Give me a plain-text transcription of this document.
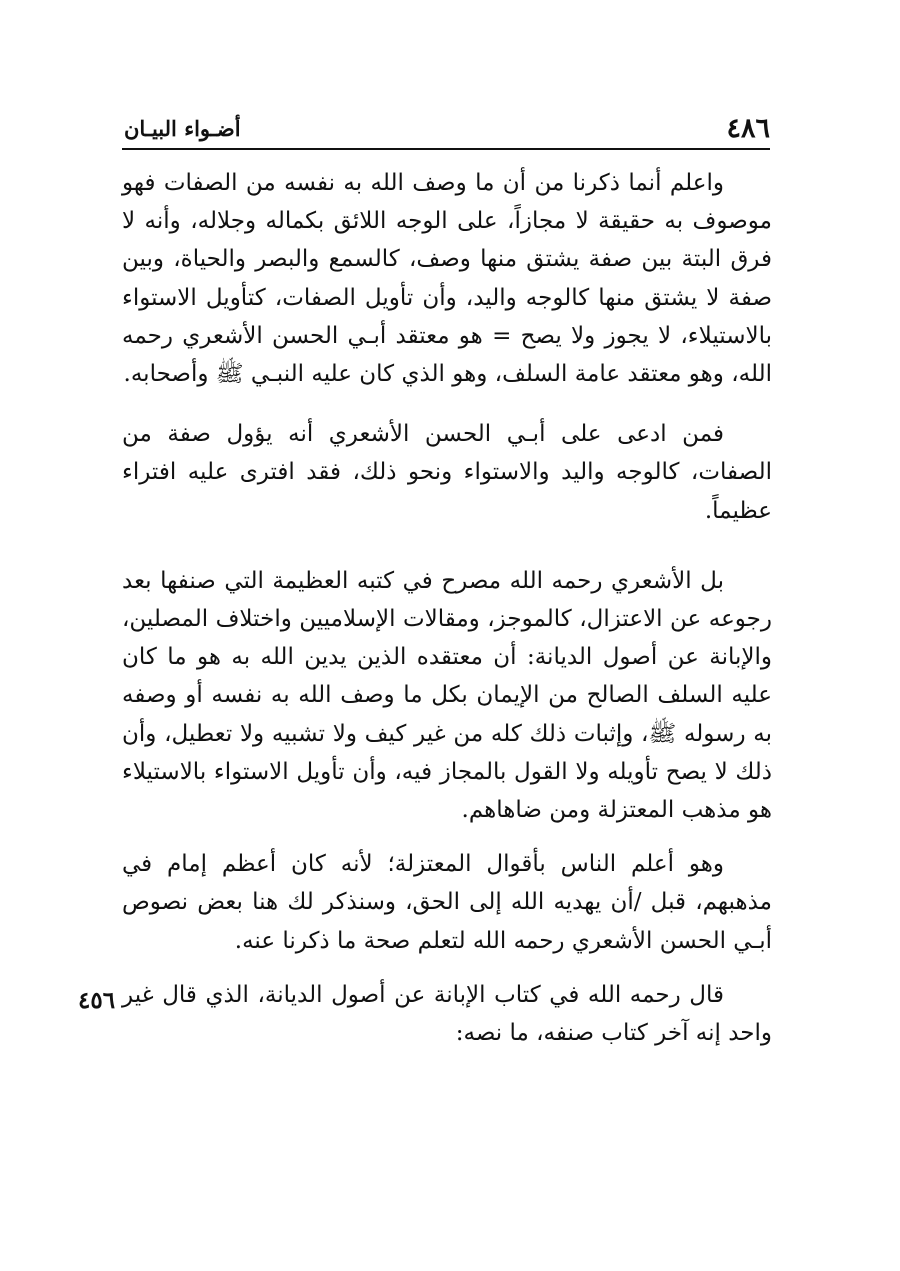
٤٨٦
أضـواء البيـان

واعلم أنما ذكرنا من أن ما وصف الله به نفسه من الصفات فهو موصوف به حقيقة لا مجازاً، على الوجه اللائق بكماله وجلاله، وأنه لا فرق البتة بين صفة يشتق منها وصف، كالسمع والبصر والحياة، وبين صفة لا يشتق منها كالوجه واليد، وأن تأويل الصفات، كتأويل الاستواء بالاستيلاء، لا يجوز ولا يصح = هو معتقد أبـي الحسن الأشعري رحمه الله، وهو معتقد عامة السلف، وهو الذي كان عليه النبـي ﷺ وأصحابه.

فمن ادعى على أبـي الحسن الأشعري أنه يؤول صفة من الصفات، كالوجه واليد والاستواء ونحو ذلك، فقد افترى عليه افتراء عظيماً.

بل الأشعري رحمه الله مصرح في كتبه العظيمة التي صنفها بعد رجوعه عن الاعتزال، كالموجز، ومقالات الإسلاميين واختلاف المصلين، والإبانة عن أصول الديانة: أن معتقده الذين يدين الله به هو ما كان عليه السلف الصالح من الإيمان بكل ما وصف الله به نفسه أو وصفه به رسوله ﷺ، وإثبات ذلك كله من غير كيف ولا تشبيه ولا تعطيل، وأن ذلك لا يصح تأويله ولا القول بالمجاز فيه، وأن تأويل الاستواء بالاستيلاء هو مذهب المعتزلة ومن ضاهاهم.

وهو أعلم الناس بأقوال المعتزلة؛ لأنه كان أعظم إمام في مذهبهم، قبل /أن يهديه الله إلى الحق، وسنذكر لك هنا بعض نصوص أبـي الحسن الأشعري رحمه الله لتعلم صحة ما ذكرنا عنه.

قال رحمه الله في كتاب الإبانة عن أصول الديانة، الذي قال غير واحد إنه آخر كتاب صنفه، ما نصه:

٤٥٦
